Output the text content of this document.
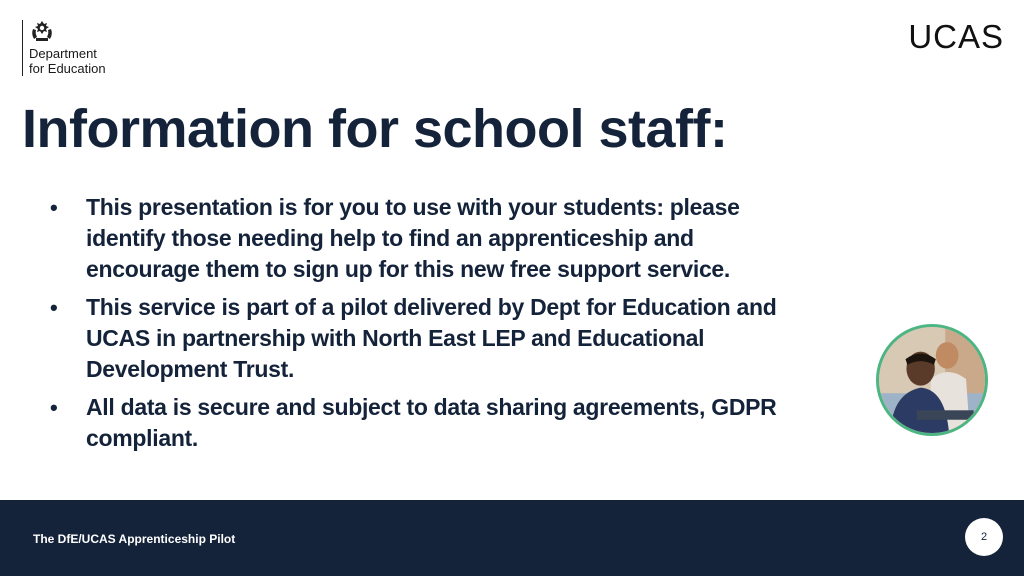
Department
for Education
UCAS
Information for school staff:
• This presentation is for you to use with your students: please identify those needing help to find an apprenticeship and encourage them to sign up for this new free support service.
• This service is part of a pilot delivered by Dept for Education and UCAS in partnership with North East LEP and Educational Development Trust.
• All data is secure and subject to data sharing agreements, GDPR compliant.
The DfE/UCAS Apprenticeship Pilot	2
